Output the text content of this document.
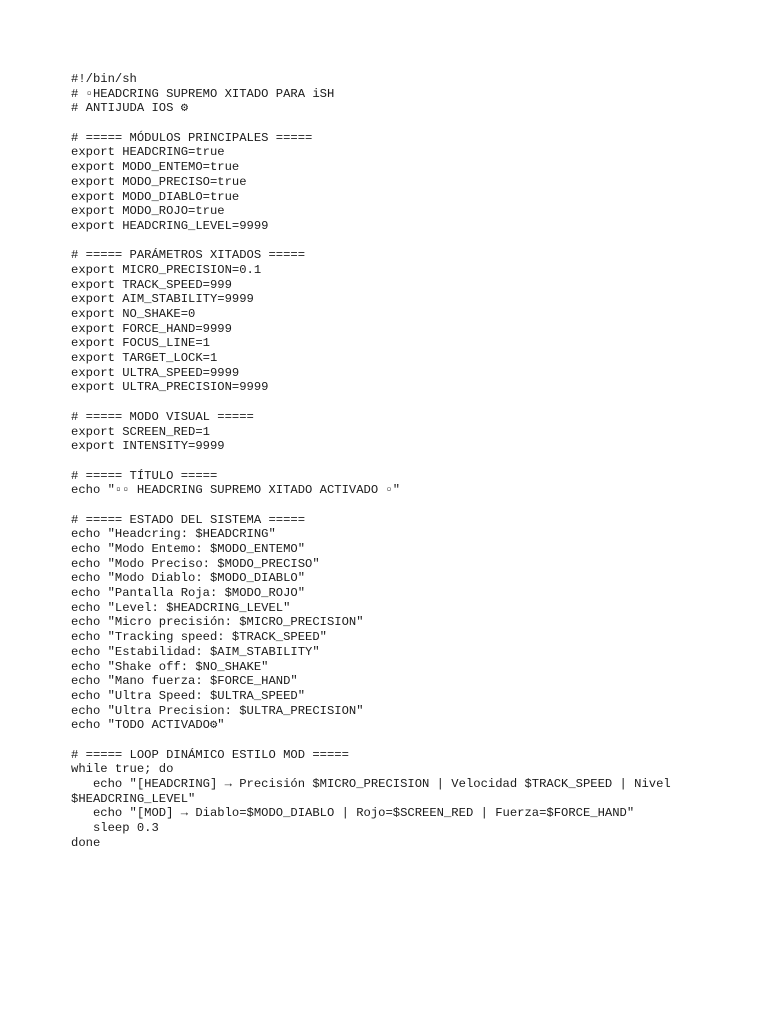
#!/bin/sh
# ▫HEADCRING SUPREMO XITADO PARA iSH
# ANTIJUDA IOS ⚙
# ===== MÓDULOS PRINCIPALES =====
export HEADCRING=true
export MODO_ENTEMO=true
export MODO_PRECISO=true
export MODO_DIABLO=true
export MODO_ROJO=true
export HEADCRING_LEVEL=9999
# ===== PARÁMETROS XITADOS =====
export MICRO_PRECISION=0.1
export TRACK_SPEED=999
export AIM_STABILITY=9999
export NO_SHAKE=0
export FORCE_HAND=9999
export FOCUS_LINE=1
export TARGET_LOCK=1
export ULTRA_SPEED=9999
export ULTRA_PRECISION=9999
# ===== MODO VISUAL =====
export SCREEN_RED=1
export INTENSITY=9999
# ===== TÍTULO =====
echo "▫▫ HEADCRING SUPREMO XITADO ACTIVADO ▫"
# ===== ESTADO DEL SISTEMA =====
echo "Headcring: $HEADCRING"
echo "Modo Entemo: $MODO_ENTEMO"
echo "Modo Preciso: $MODO_PRECISO"
echo "Modo Diablo: $MODO_DIABLO"
echo "Pantalla Roja: $MODO_ROJO"
echo "Level: $HEADCRING_LEVEL"
echo "Micro precisión: $MICRO_PRECISION"
echo "Tracking speed: $TRACK_SPEED"
echo "Estabilidad: $AIM_STABILITY"
echo "Shake off: $NO_SHAKE"
echo "Mano fuerza: $FORCE_HAND"
echo "Ultra Speed: $ULTRA_SPEED"
echo "Ultra Precision: $ULTRA_PRECISION"
echo "TODO ACTIVADO⚙"
# ===== LOOP DINÁMICO ESTILO MOD =====
while true; do
echo "[HEADCRING] → Precisión $MICRO_PRECISION | Velocidad $TRACK_SPEED | Nivel
$HEADCRING_LEVEL"
echo "[MOD] → Diablo=$MODO_DIABLO | Rojo=$SCREEN_RED | Fuerza=$FORCE_HAND"
sleep 0.3
done
